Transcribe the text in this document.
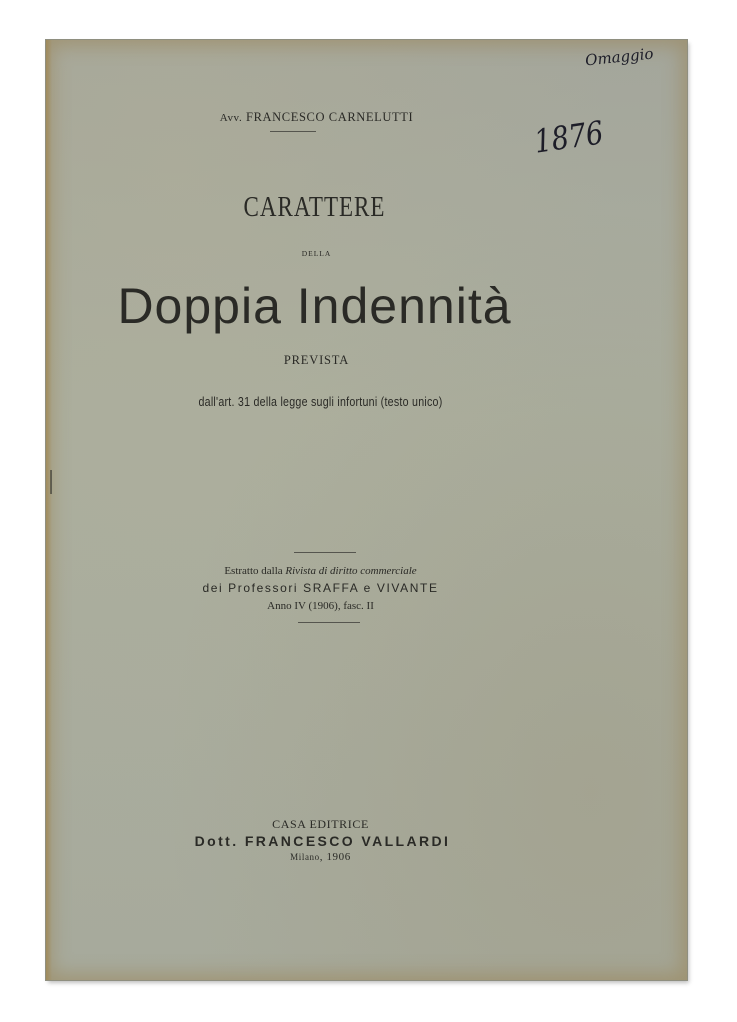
Omaggio
1876
Avv. FRANCESCO CARNELUTTI
CARATTERE
DELLA
Doppia Indennità
PREVISTA
dall'art. 31 della legge sugli infortuni (testo unico)
Estratto dalla Rivista di diritto commerciale
dei Professori SRAFFA e VIVANTE
Anno IV (1906), fasc. II
CASA EDITRICE
Dott. FRANCESCO VALLARDI
Milano, 1906
